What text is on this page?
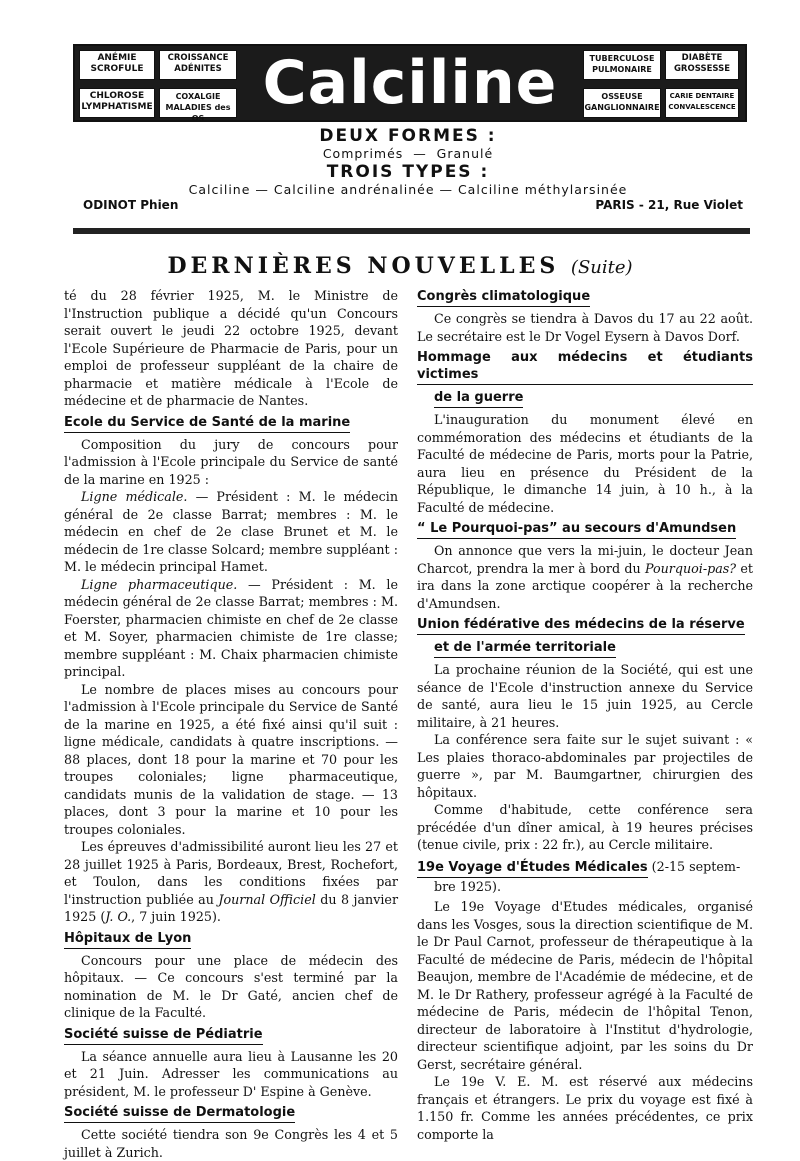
ANÉMIE
SCROFULE
CROISSANCE
ADÉNITES
CHLOROSE
LYMPHATISME
COXALGIE
MALADIES des OS
Calciline	TUBERCULOSE
PULMONAIRE
DIABÈTE
GROSSESSE
OSSEUSE
GANGLIONNAIRE
CARIE DENTAIRE
CONVALESCENCE
DEUX FORMES :
Comprimés  —  Granulé
TROIS TYPES :
Calciline — Calciline andrénalinée — Calciline méthylarsinée
ODINOT Phien	PARIS - 21, Rue Violet
DERNIÈRES NOUVELLES (Suite)

té du 28 février 1925, M. le Ministre de l'Instruction publique a décidé qu'un Concours serait ouvert le jeudi 22 octobre 1925, devant l'Ecole Supérieure de Pharmacie de Paris, pour un emploi de professeur suppléant de la chaire de pharmacie et matière médicale à l'Ecole de médecine et de pharmacie de Nantes.

Ecole du Service de Santé de la marine

Composition du jury de concours pour l'admission à l'Ecole principale du Service de santé de la marine en 1925 :

Ligne médicale. — Président : M. le médecin général de 2e classe Barrat; membres : M. le médecin en chef de 2e clase Brunet et M. le médecin de 1re classe Solcard; membre suppléant : M. le médecin principal Hamet.

Ligne pharmaceutique. — Président : M. le médecin général de 2e classe Barrat; membres : M. Foerster, pharmacien chimiste en chef de 2e classe et M. Soyer, pharmacien chimiste de 1re classe; membre suppléant : M. Chaix pharmacien chimiste principal.

Le nombre de places mises au concours pour l'admission à l'Ecole principale du Service de Santé de la marine en 1925, a été fixé ainsi qu'il suit : ligne médicale, candidats à quatre inscriptions. — 88 places, dont 18 pour la marine et 70 pour les troupes coloniales; ligne pharmaceutique, candidats munis de la validation de stage. — 13 places, dont 3 pour la marine et 10 pour les troupes coloniales.

Les épreuves d'admissibilité auront lieu les 27 et 28 juillet 1925 à Paris, Bordeaux, Brest, Rochefort, et Toulon, dans les conditions fixées par l'instruction publiée au Journal Officiel du 8 janvier 1925 (J. O., 7 juin 1925).

Hôpitaux de Lyon

Concours pour une place de médecin des hôpitaux. — Ce concours s'est terminé par la nomination de M. le Dr Gaté, ancien chef de clinique de la Faculté.

Société suisse de Pédiatrie

La séance annuelle aura lieu à Lausanne les 20 et 21 Juin. Adresser les communications au président, M. le professeur D' Espine à Genève.

Société suisse de Dermatologie

Cette société tiendra son 9e Congrès les 4 et 5 juillet à Zurich.

Congrès climatologique

Ce congrès se tiendra à Davos du 17 au 22 août. Le secrétaire est le Dr Vogel Eysern à Davos Dorf.

Hommage aux médecins et étudiants victimes
de la guerre

L'inauguration du monument élevé en commémoration des médecins et étudiants de la Faculté de médecine de Paris, morts pour la Patrie, aura lieu en présence du Président de la République, le dimanche 14 juin, à 10 h., à la Faculté de médecine.

“ Le Pourquoi-pas” au secours d'Amundsen

On annonce que vers la mi-juin, le docteur Jean Charcot, prendra la mer à bord du Pourquoi-pas? et ira dans la zone arctique coopérer à la recherche d'Amundsen.

Union fédérative des médecins de la réserve
et de l'armée territoriale

La prochaine réunion de la Société, qui est une séance de l'Ecole d'instruction annexe du Service de santé, aura lieu le 15 juin 1925, au Cercle militaire, à 21 heures.

La conférence sera faite sur le sujet suivant : « Les plaies thoraco-abdominales par projectiles de guerre », par M. Baumgartner, chirurgien des hôpitaux.

Comme d'habitude, cette conférence sera précédée d'un dîner amical, à 19 heures précises (tenue civile, prix : 22 fr.), au Cercle militaire.

19e Voyage d'Études Médicales (2-15 septem-
bre 1925).

Le 19e Voyage d'Etudes médicales, organisé dans les Vosges, sous la direction scientifique de M. le Dr Paul Carnot, professeur de thérapeutique à la Faculté de médecine de Paris, médecin de l'hôpital Beaujon, membre de l'Académie de médecine, et de M. le Dr Rathery, professeur agrégé à la Faculté de médecine de Paris, médecin de l'hôpital Tenon, directeur de laboratoire à l'Institut d'hydrologie, directeur scientifique adjoint, par les soins du Dr Gerst, secrétaire général.

Le 19e V. E. M. est réservé aux médecins français et étrangers. Le prix du voyage est fixé à 1.150 fr. Comme les années précédentes, ce prix comporte la
